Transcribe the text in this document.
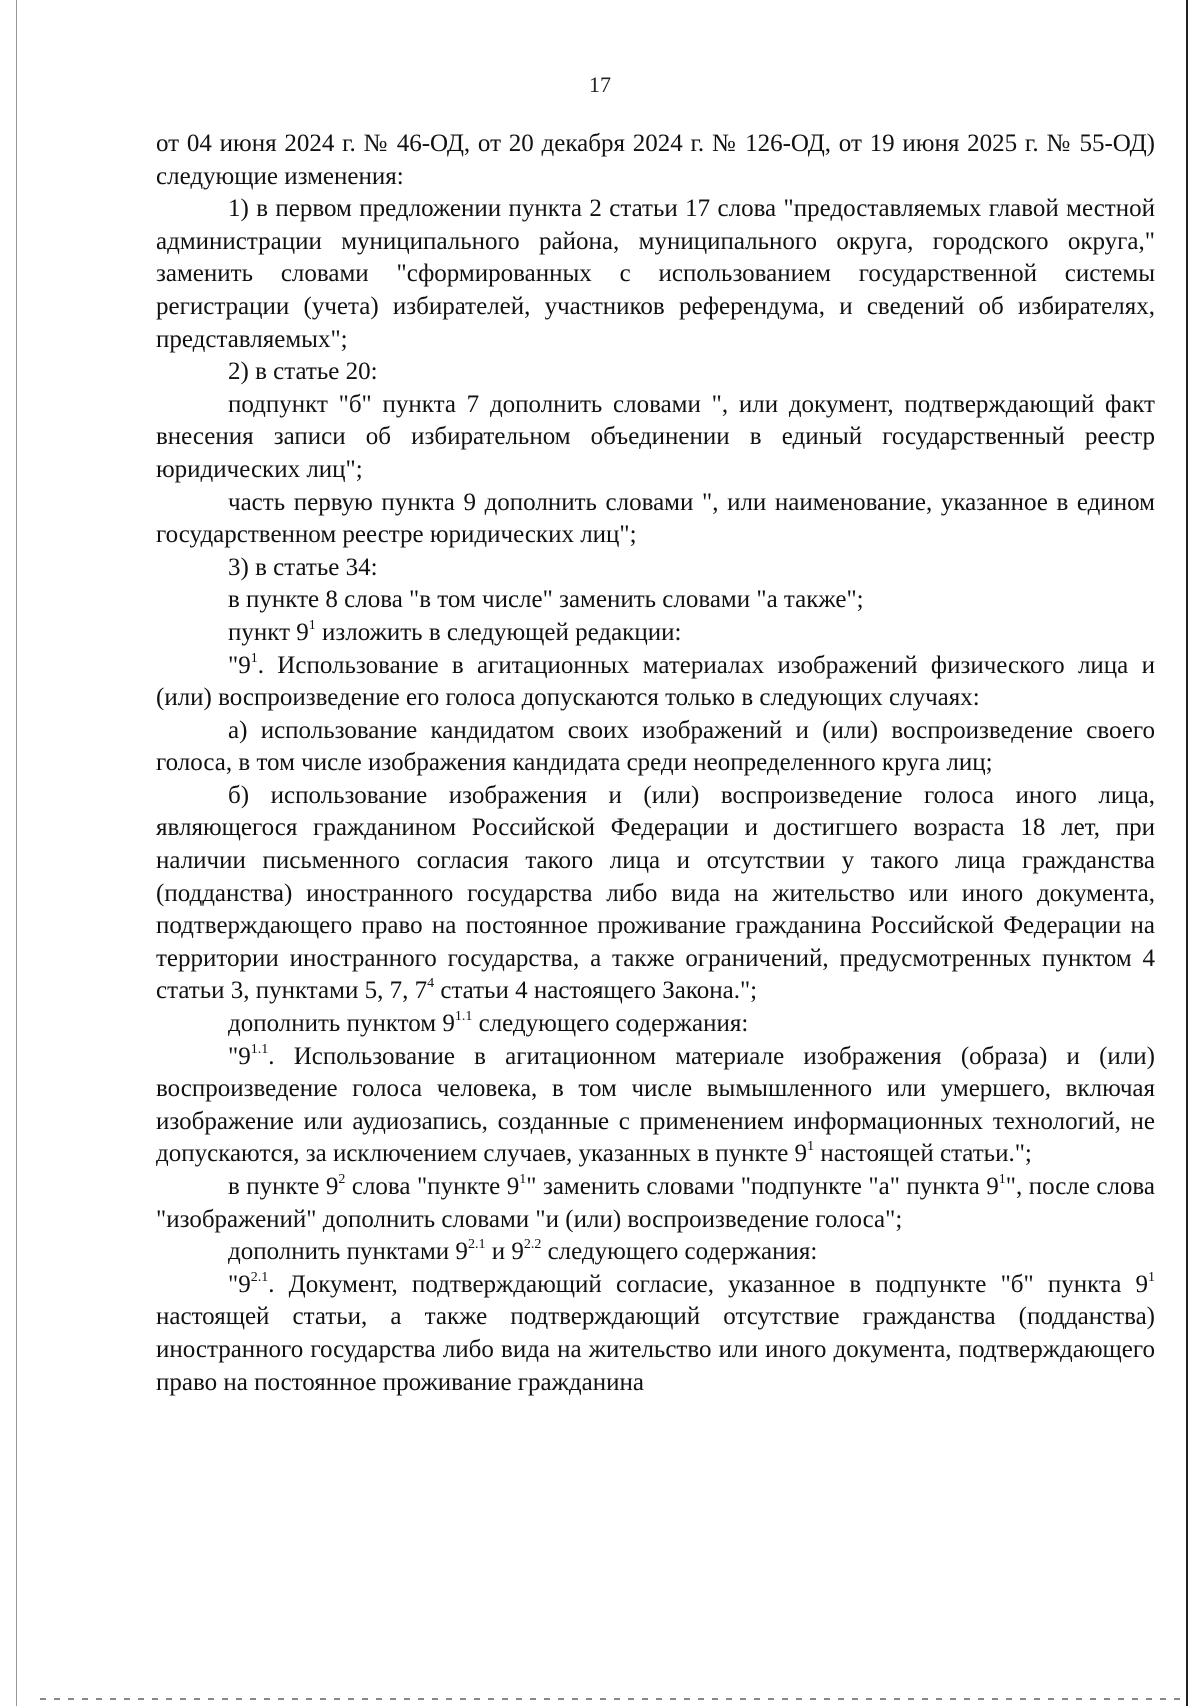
17

от 04 июня 2024 г. № 46-ОД, от 20 декабря 2024 г. № 126-ОД, от 19 июня 2025 г. № 55-ОД) следующие изменения:

1) в первом предложении пункта 2 статьи 17 слова "предоставляемых главой местной администрации муниципального района, муниципального округа, городского округа," заменить словами "сформированных с использованием государственной системы регистрации (учета) избирателей, участников референдума, и сведений об избирателях, представляемых";

2) в статье 20:

подпункт "б" пункта 7 дополнить словами ", или документ, подтверждающий факт внесения записи об избирательном объединении в единый государственный реестр юридических лиц";

часть первую пункта 9 дополнить словами ", или наименование, указанное в едином государственном реестре юридических лиц";

3) в статье 34:

в пункте 8 слова "в том числе" заменить словами "а также";

пункт $9^1$ изложить в следующей редакции:

"$9^1$. Использование в агитационных материалах изображений физического лица и (или) воспроизведение его голоса допускаются только в следующих случаях:

а) использование кандидатом своих изображений и (или) воспроизведение своего голоса, в том числе изображения кандидата среди неопределенного круга лиц;

б) использование изображения и (или) воспроизведение голоса иного лица, являющегося гражданином Российской Федерации и достигшего возраста 18 лет, при наличии письменного согласия такого лица и отсутствии у такого лица гражданства (подданства) иностранного государства либо вида на жительство или иного документа, подтверждающего право на постоянное проживание гражданина Российской Федерации на территории иностранного государства, а также ограничений, предусмотренных пунктом 4 статьи 3, пунктами 5, 7, $7^4$ статьи 4 настоящего Закона.";

дополнить пунктом $9^{1.1}$ следующего содержания:

"$9^{1.1}$. Использование в агитационном материале изображения (образа) и (или) воспроизведение голоса человека, в том числе вымышленного или умершего, включая изображение или аудиозапись, созданные с применением информационных технологий, не допускаются, за исключением случаев, указанных в пункте $9^1$ настоящей статьи.";

в пункте $9^2$ слова "пункте $9^1$" заменить словами "подпункте "а" пункта $9^1$", после слова "изображений" дополнить словами "и (или) воспроизведение голоса";

дополнить пунктами $9^{2.1}$ и $9^{2.2}$ следующего содержания:

"$9^{2.1}$. Документ, подтверждающий согласие, указанное в подпункте "б" пункта $9^1$ настоящей статьи, а также подтверждающий отсутствие гражданства (подданства) иностранного государства либо вида на жительство или иного документа, подтверждающего право на постоянное проживание гражданина
